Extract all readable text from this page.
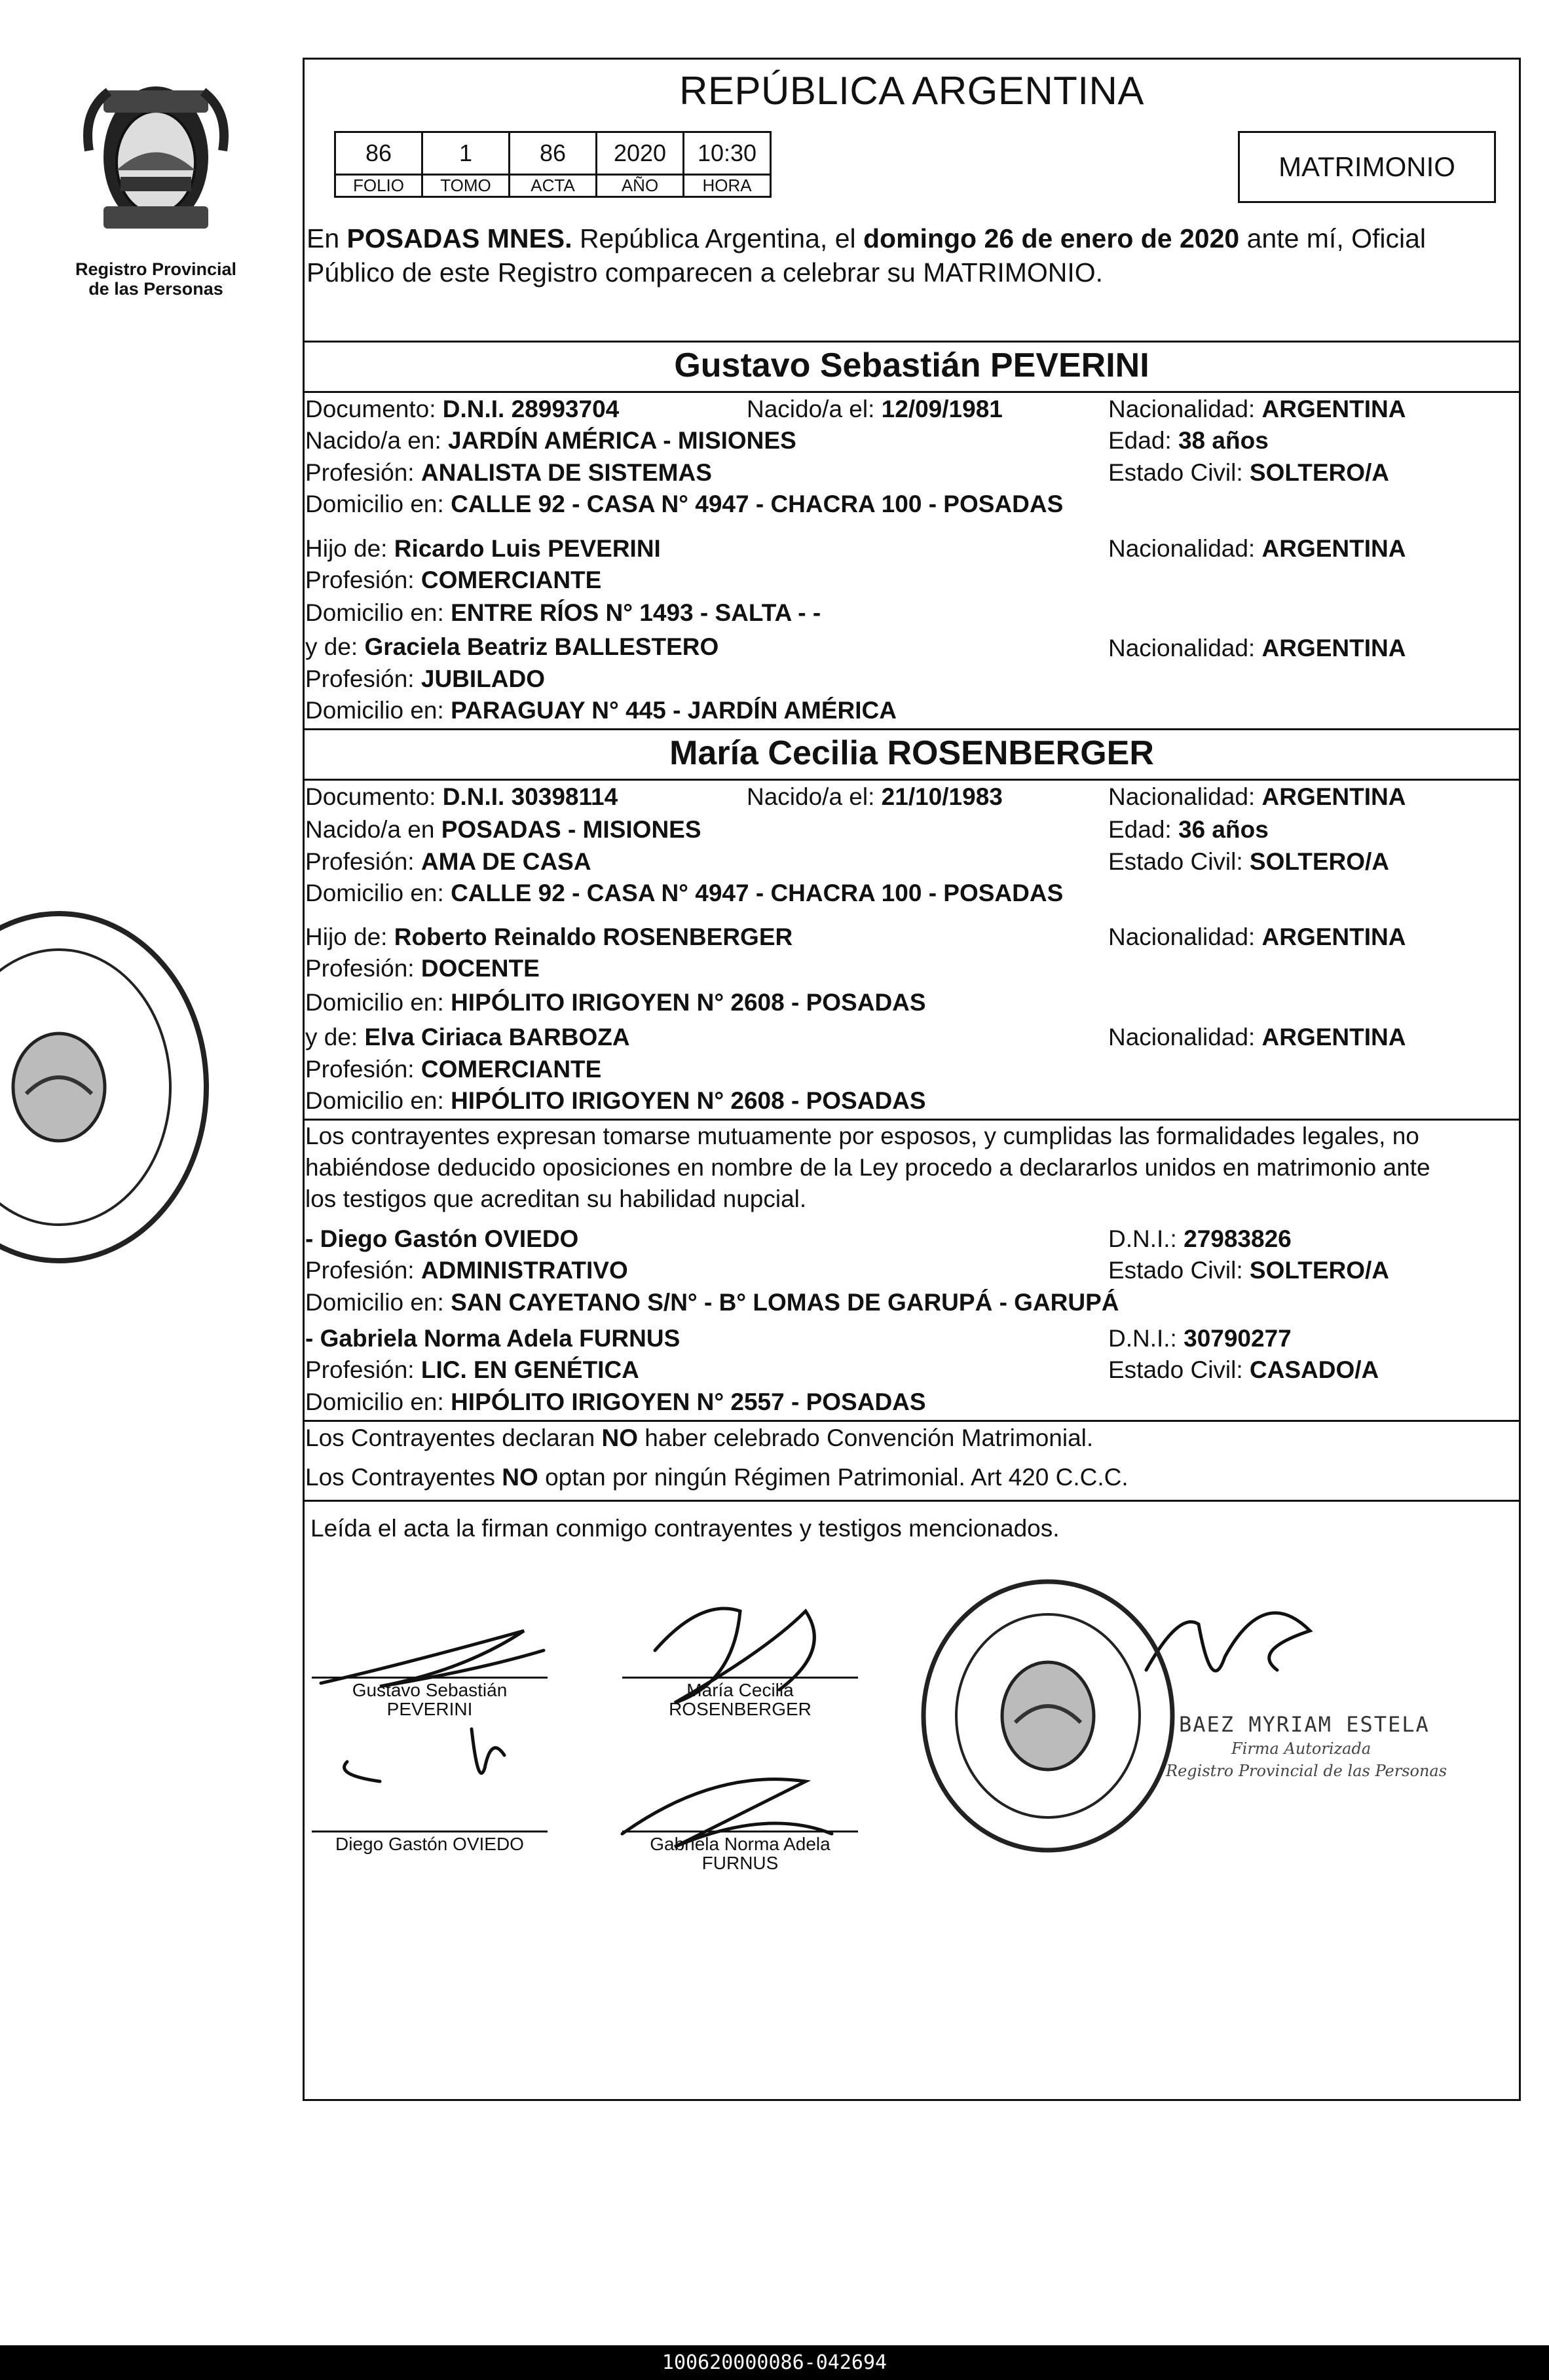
Registro Provincial
de las Personas
REPÚBLICA ARGENTINA
86	1	86	2020	10:30
FOLIO	TOMO	ACTA	AÑO	HORA
MATRIMONIO
En POSADAS MNES. República Argentina, el domingo 26 de enero de 2020 ante mí, Oficial
Público de este Registro comparecen a celebrar su MATRIMONIO.
Gustavo Sebastián PEVERINI
Documento: D.N.I. 28993704	Nacido/a el: 12/09/1981	Nacionalidad: ARGENTINA
Nacido/a en: JARDÍN AMÉRICA - MISIONES	Edad: 38 años
Profesión: ANALISTA DE SISTEMAS	Estado Civil: SOLTERO/A
Domicilio en: CALLE 92 - CASA N° 4947 - CHACRA 100 - POSADAS
Hijo de: Ricardo Luis PEVERINI	Nacionalidad: ARGENTINA
Profesión: COMERCIANTE
Domicilio en: ENTRE RÍOS N° 1493 - SALTA - -
y de: Graciela Beatriz BALLESTERO	Nacionalidad: ARGENTINA
Profesión: JUBILADO
Domicilio en: PARAGUAY N° 445 - JARDÍN AMÉRICA
María Cecilia ROSENBERGER
Documento: D.N.I. 30398114	Nacido/a el: 21/10/1983	Nacionalidad: ARGENTINA
Nacido/a en POSADAS - MISIONES	Edad: 36 años
Profesión: AMA DE CASA	Estado Civil: SOLTERO/A
Domicilio en: CALLE 92 - CASA N° 4947 - CHACRA 100 - POSADAS
Hijo de: Roberto Reinaldo ROSENBERGER	Nacionalidad: ARGENTINA
Profesión: DOCENTE
Domicilio en: HIPÓLITO IRIGOYEN N° 2608 - POSADAS
y de: Elva Ciriaca BARBOZA	Nacionalidad: ARGENTINA
Profesión: COMERCIANTE
Domicilio en: HIPÓLITO IRIGOYEN N° 2608 - POSADAS
Los contrayentes expresan tomarse mutuamente por esposos, y cumplidas las formalidades legales, no
habiéndose deducido oposiciones en nombre de la Ley procedo a declararlos unidos en matrimonio ante
los testigos que acreditan su habilidad nupcial.
- Diego Gastón OVIEDO	D.N.I.: 27983826
Profesión: ADMINISTRATIVO	Estado Civil: SOLTERO/A
Domicilio en: SAN CAYETANO S/N° - B° LOMAS DE GARUPÁ - GARUPÁ
- Gabriela Norma Adela FURNUS	D.N.I.: 30790277
Profesión: LIC. EN GENÉTICA	Estado Civil: CASADO/A
Domicilio en: HIPÓLITO IRIGOYEN N° 2557 - POSADAS
Los Contrayentes declaran NO haber celebrado Convención Matrimonial.
Los Contrayentes NO optan por ningún Régimen Patrimonial. Art 420 C.C.C.
Leída el acta la firman conmigo contrayentes y testigos mencionados.
Gustavo Sebastián
PEVERINI
María Cecilia
ROSENBERGER
Diego Gastón OVIEDO	Gabriela Norma Adela
FURNUS
BAEZ MYRIAM ESTELA
Firma Autorizada
Registro Provincial de las Personas
100620000086-042694
